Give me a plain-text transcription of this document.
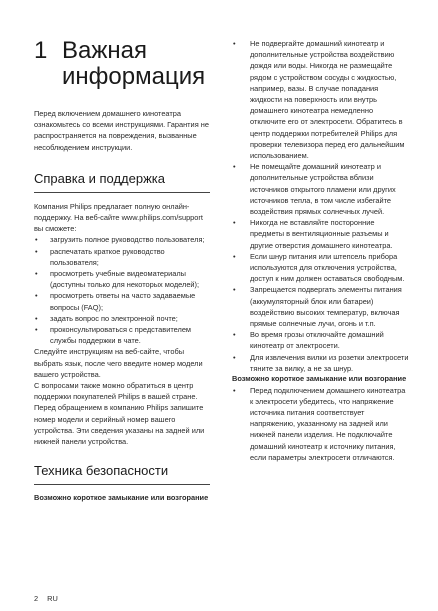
1 Важная
информация

Перед включением домашнего кинотеатра ознакомьтесь со всеми инструкциями. Гарантия не распространяется на повреждения, вызванные несоблюдением инструкции.

Справка и поддержка

Компания Philips предлагает полную онлайн-поддержку. На веб-сайте www.philips.com/support вы сможете:

• загрузить полное руководство пользователя;
• распечатать краткое руководство пользователя;
• просмотреть учебные видеоматериалы (доступны только для некоторых моделей);
• просмотреть ответы на часто задаваемые вопросы (FAQ);
• задать вопрос по электронной почте;
• проконсультироваться с представителем службы поддержки в чате.

Следуйте инструкциям на веб-сайте, чтобы выбрать язык, после чего введите номер модели вашего устройства.

С вопросами также можно обратиться в центр поддержки покупателей Philips в вашей стране. Перед обращением в компанию Philips запишите номер модели и серийный номер вашего устройства. Эти сведения указаны на задней или нижней панели устройства.

Техника безопасности

Возможно короткое замыкание или возгорание

• Не подвергайте домашний кинотеатр и дополнительные устройства воздействию дождя или воды. Никогда не размещайте рядом с устройством сосуды с жидкостью, например, вазы. В случае попадания жидкости на поверхность или внутрь домашнего кинотеатра немедленно отключите его от электросети. Обратитесь в центр поддержки потребителей Philips для проверки телевизора перед его дальнейшим использованием.
• Не помещайте домашний кинотеатр и дополнительные устройства вблизи источников открытого пламени или других источников тепла, в том числе избегайте воздействия прямых солнечных лучей.
• Никогда не вставляйте посторонние предметы в вентиляционные разъемы и другие отверстия домашнего кинотеатра.
• Если шнур питания или штепсель прибора используются для отключения устройства, доступ к ним должен оставаться свободным.
• Запрещается подвергать элементы питания (аккумуляторный блок или батареи) воздействию высоких температур, включая прямые солнечные лучи, огонь и т.п.
• Во время грозы отключайте домашний кинотеатр от электросети.
• Для извлечения вилки из розетки электросети тяните за вилку, а не за шнур.

Возможно короткое замыкание или возгорание

• Перед подключением домашнего кинотеатра к электросети убедитесь, что напряжение источника питания соответствует напряжению, указанному на задней или нижней панели изделия. Не подключайте домашний кинотеатр к источнику питания, если параметры электросети отличаются.
2 RU
